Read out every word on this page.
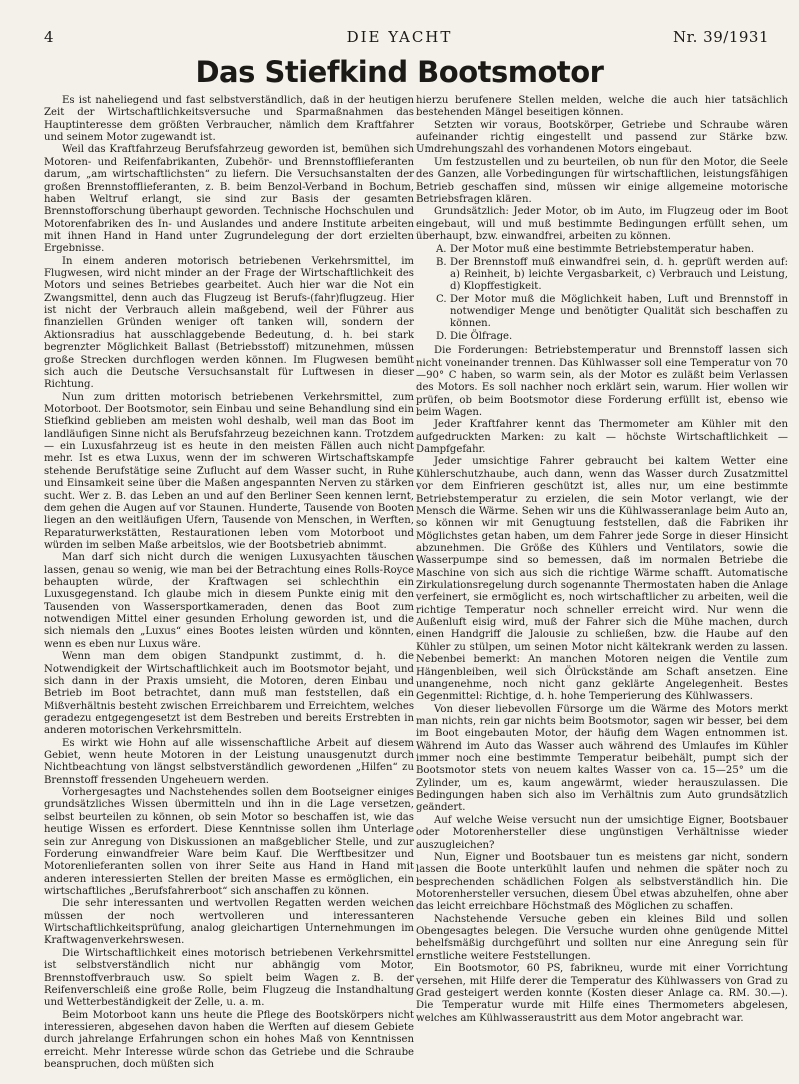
DIE YACHT
4	Nr. 39/1931
Das Stiefkind Bootsmotor

Es ist naheliegend und fast selbstverständlich, daß in der heutigen Zeit der Wirtschaftlichkeitsversuche und Sparmaßnahmen das Hauptinteresse dem größten Verbraucher, nämlich dem Kraftfahrer und seinem Motor zugewandt ist.

Weil das Kraftfahrzeug Berufsfahrzeug geworden ist, bemühen sich Motoren- und Reifenfabrikanten, Zubehör- und Brennstofflieferanten darum, „am wirtschaftlichsten“ zu liefern. Die Versuchsanstalten der großen Brennstofflieferanten, z. B. beim Benzol-Verband in Bochum, haben Weltruf erlangt, sie sind zur Basis der gesamten Brennstofforschung überhaupt geworden. Technische Hochschulen und Motorenfabriken des In- und Auslandes und andere Institute arbeiten mit ihnen Hand in Hand unter Zugrundelegung der dort erzielten Ergebnisse.

In einem anderen motorisch betriebenen Verkehrsmittel, im Flugwesen, wird nicht minder an der Frage der Wirtschaftlichkeit des Motors und seines Betriebes gearbeitet. Auch hier war die Not ein Zwangsmittel, denn auch das Flugzeug ist Berufs-(fahr)flugzeug. Hier ist nicht der Verbrauch allein maßgebend, weil der Führer aus finanziellen Gründen weniger oft tanken will, sondern der Aktionsradius hat ausschlaggebende Bedeutung, d. h. bei stark begrenzter Möglichkeit Ballast (Betriebsstoff) mitzunehmen, müssen große Strecken durchflogen werden können. Im Flugwesen bemüht sich auch die Deutsche Versuchsanstalt für Luftwesen in dieser Richtung.

Nun zum dritten motorisch betriebenen Verkehrsmittel, zum Motorboot. Der Bootsmotor, sein Einbau und seine Behandlung sind ein Stiefkind geblieben am meisten wohl deshalb, weil man das Boot im landläufigen Sinne nicht als Berufsfahrzeug bezeichnen kann. Trotzdem — ein Luxusfahrzeug ist es heute in den meisten Fällen auch nicht mehr. Ist es etwa Luxus, wenn der im schweren Wirtschaftskampfe stehende Berufstätige seine Zuflucht auf dem Wasser sucht, in Ruhe und Einsamkeit seine über die Maßen angespannten Nerven zu stärken sucht. Wer z. B. das Leben an und auf den Berliner Seen kennen lernt, dem gehen die Augen auf vor Staunen. Hunderte, Tausende von Booten liegen an den weitläufigen Ufern, Tausende von Menschen, in Werften, Reparaturwerkstätten, Restaurationen leben vom Motorboot und würden im selben Maße arbeitslos, wie der Bootsbetrieb abnimmt.

Man darf sich nicht durch die wenigen Luxusyachten täuschen lassen, genau so wenig, wie man bei der Betrachtung eines Rolls-Royce behaupten würde, der Kraftwagen sei schlechthin ein Luxusgegenstand. Ich glaube mich in diesem Punkte einig mit den Tausenden von Wassersportkameraden, denen das Boot zum notwendigen Mittel einer gesunden Erholung geworden ist, und die sich niemals den „Luxus“ eines Bootes leisten würden und könnten, wenn es eben nur Luxus wäre.

Wenn man dem obigen Standpunkt zustimmt, d. h. die Notwendigkeit der Wirtschaftlichkeit auch im Bootsmotor bejaht, und sich dann in der Praxis umsieht, die Motoren, deren Einbau und Betrieb im Boot betrachtet, dann muß man feststellen, daß ein Mißverhältnis besteht zwischen Erreichbarem und Erreichtem, welches geradezu entgegengesetzt ist dem Bestreben und bereits Erstrebten in anderen motorischen Verkehrsmitteln.

Es wirkt wie Hohn auf alle wissenschaftliche Arbeit auf diesem Gebiet, wenn heute Motoren in der Leistung unausgenutzt durch Nichtbeachtung von längst selbstverständlich gewordenen „Hilfen“ zu Brennstoff fressenden Ungeheuern werden.

Vorhergesagtes und Nachstehendes sollen dem Bootseigner einiges grundsätzliches Wissen übermitteln und ihn in die Lage versetzen, selbst beurteilen zu können, ob sein Motor so beschaffen ist, wie das heutige Wissen es erfordert. Diese Kenntnisse sollen ihm Unterlage sein zur Anregung von Diskussionen an maßgeblicher Stelle, und zur Forderung einwandfreier Ware beim Kauf. Die Werftbesitzer und Motorenlieferanten sollen von ihrer Seite aus Hand in Hand mit anderen interessierten Stellen der breiten Masse es ermöglichen, ein wirtschaftliches „Berufsfahrerboot“ sich anschaffen zu können.

Die sehr interessanten und wertvollen Regatten werden weichen müssen der noch wertvolleren und interessanteren Wirtschaftlichkeitsprüfung, analog gleichartigen Unternehmungen im Kraftwagenverkehrswesen.

Die Wirtschaftlichkeit eines motorisch betriebenen Verkehrsmittel ist selbstverständlich nicht nur abhängig vom Motor, Brennstoffverbrauch usw. So spielt beim Wagen z. B. der Reifenverschleiß eine große Rolle, beim Flugzeug die Instandhaltung und Wetterbeständigkeit der Zelle, u. a. m.

Beim Motorboot kann uns heute die Pflege des Bootskörpers nicht interessieren, abgesehen davon haben die Werften auf diesem Gebiete durch jahrelange Erfahrungen schon ein hohes Maß von Kenntnissen erreicht. Mehr Interesse würde schon das Getriebe und die Schraube beanspruchen, doch müßten sich

hierzu berufenere Stellen melden, welche die auch hier tatsächlich bestehenden Mängel beseitigen können.

Setzten wir voraus, Bootskörper, Getriebe und Schraube wären aufeinander richtig eingestellt und passend zur Stärke bzw. Umdrehungszahl des vorhandenen Motors eingebaut.

Um festzustellen und zu beurteilen, ob nun für den Motor, die Seele des Ganzen, alle Vorbedingungen für wirtschaftlichen, leistungsfähigen Betrieb geschaffen sind, müssen wir einige allgemeine motorische Betriebsfragen klären.

Grundsätzlich: Jeder Motor, ob im Auto, im Flugzeug oder im Boot eingebaut, will und muß bestimmte Bedingungen erfüllt sehen, um überhaupt, bzw. einwandfrei, arbeiten zu können.

A. Der Motor muß eine bestimmte Betriebstemperatur haben.
B. Der Brennstoff muß einwandfrei sein, d. h. geprüft werden auf: a) Reinheit, b) leichte Vergasbarkeit, c) Verbrauch und Leistung, d) Klopffestigkeit.
C. Der Motor muß die Möglichkeit haben, Luft und Brennstoff in notwendiger Menge und benötigter Qualität sich beschaffen zu können.
D. Die Ölfrage.

Die Forderungen: Betriebstemperatur und Brennstoff lassen sich nicht voneinander trennen. Das Kühlwasser soll eine Temperatur von 70—90° C haben, so warm sein, als der Motor es zuläßt beim Verlassen des Motors. Es soll nachher noch erklärt sein, warum. Hier wollen wir prüfen, ob beim Bootsmotor diese Forderung erfüllt ist, ebenso wie beim Wagen.

Jeder Kraftfahrer kennt das Thermometer am Kühler mit den aufgedruckten Marken: zu kalt — höchste Wirtschaftlichkeit — Dampfgefahr.

Jeder umsichtige Fahrer gebraucht bei kaltem Wetter eine Kühlerschutzhaube, auch dann, wenn das Wasser durch Zusatzmittel vor dem Einfrieren geschützt ist, alles nur, um eine bestimmte Betriebstemperatur zu erzielen, die sein Motor verlangt, wie der Mensch die Wärme. Sehen wir uns die Kühlwasseranlage beim Auto an, so können wir mit Genugtuung feststellen, daß die Fabriken ihr Möglichstes getan haben, um dem Fahrer jede Sorge in dieser Hinsicht abzunehmen. Die Größe des Kühlers und Ventilators, sowie die Wasserpumpe sind so bemessen, daß im normalen Betriebe die Maschine von sich aus sich die richtige Wärme schafft. Automatische Zirkulationsregelung durch sogenannte Thermostaten haben die Anlage verfeinert, sie ermöglicht es, noch wirtschaftlicher zu arbeiten, weil die richtige Temperatur noch schneller erreicht wird. Nur wenn die Außenluft eisig wird, muß der Fahrer sich die Mühe machen, durch einen Handgriff die Jalousie zu schließen, bzw. die Haube auf den Kühler zu stülpen, um seinen Motor nicht kältekrank werden zu lassen. Nebenbei bemerkt: An manchen Motoren neigen die Ventile zum Hängenbleiben, weil sich Ölrückstände am Schaft ansetzen. Eine unangenehme, noch nicht ganz geklärte Angelegenheit. Bestes Gegenmittel: Richtige, d. h. hohe Temperierung des Kühlwassers.

Von dieser liebevollen Fürsorge um die Wärme des Motors merkt man nichts, rein gar nichts beim Bootsmotor, sagen wir besser, bei dem im Boot eingebauten Motor, der häufig dem Wagen entnommen ist. Während im Auto das Wasser auch während des Umlaufes im Kühler immer noch eine bestimmte Temperatur beibehält, pumpt sich der Bootsmotor stets von neuem kaltes Wasser von ca. 15—25° um die Zylinder, um es, kaum angewärmt, wieder herauszulassen. Die Bedingungen haben sich also im Verhältnis zum Auto grundsätzlich geändert.

Auf welche Weise versucht nun der umsichtige Eigner, Bootsbauer oder Motorenhersteller diese ungünstigen Verhältnisse wieder auszugleichen?

Nun, Eigner und Bootsbauer tun es meistens gar nicht, sondern lassen die Boote unterkühlt laufen und nehmen die später noch zu besprechenden schädlichen Folgen als selbstverständlich hin. Die Motorenhersteller versuchen, diesem Übel etwas abzuhelfen, ohne aber das leicht erreichbare Höchstmaß des Möglichen zu schaffen.

Nachstehende Versuche geben ein kleines Bild und sollen Obengesagtes belegen. Die Versuche wurden ohne genügende Mittel behelfsmäßig durchgeführt und sollten nur eine Anregung sein für ernstliche weitere Feststellungen.

Ein Bootsmotor, 60 PS, fabrikneu, wurde mit einer Vorrichtung versehen, mit Hilfe derer die Temperatur des Kühlwassers von Grad zu Grad gesteigert werden konnte (Kosten dieser Anlage ca. RM. 30.—). Die Temperatur wurde mit Hilfe eines Thermometers abgelesen, welches am Kühlwasseraustritt aus dem Motor angebracht war.
